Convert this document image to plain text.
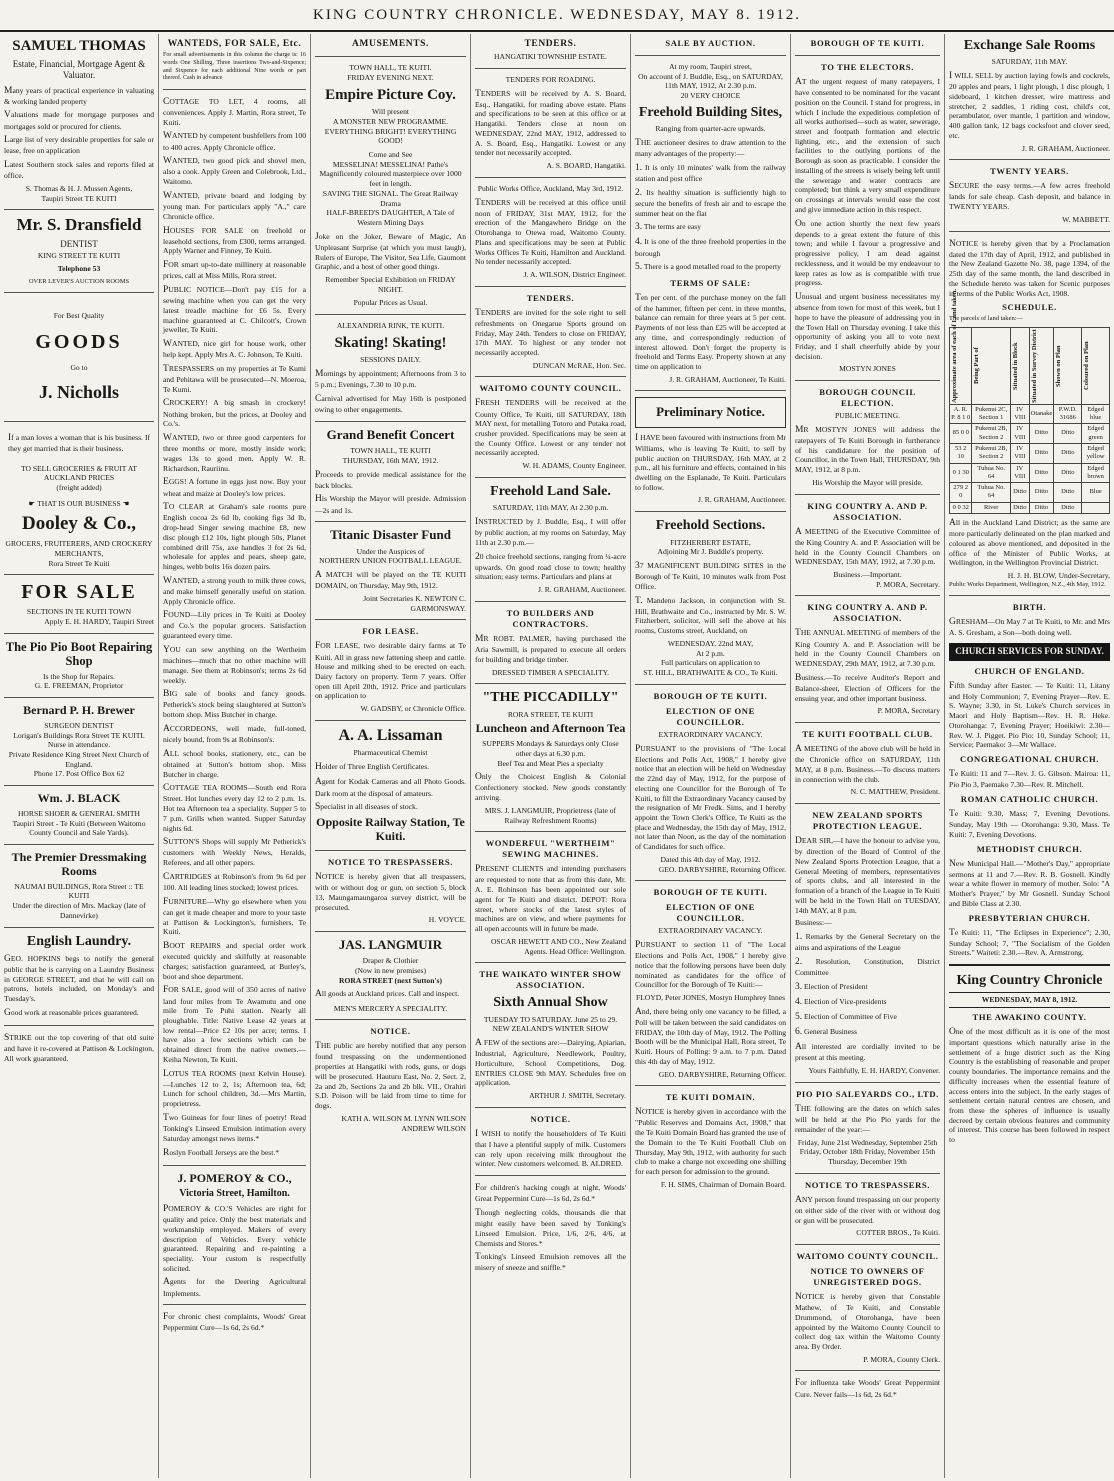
KING COUNTRY CHRONICLE. WEDNESDAY, MAY 8. 1912.
SAMUEL THOMAS
Estate, Financial, Mortgage Agent & Valuator.

Many years of practical experience in valuating & working landed property

Valuations made for mortgage purposes and mortgages sold or procured for clients.

Large list of very desirable properties for sale or lease, free on application

Latest Southern stock sales and reports filed at office.

S. Thomas & H. J. Mussen Agents,
Taupiri Street TE KUITI
Mr. S. Dransfield
DENTIST
KING STREET TE KUITI
Telephone 53
OVER LEVER'S AUCTION ROOMS
For Best Quality
GOODS
Go to
J. Nicholls

If a man loves a woman that is his business. If they get married that is their business.

TO SELL GROCERIES & FRUIT AT AUCKLAND PRICES
(freight added)
☛ THAT IS OUR BUSINESS ☚
Dooley & Co.,
GROCERS, FRUITERERS, AND CROCKERY MERCHANTS,
Rora Street Te Kuiti
FOR SALE
SECTIONS IN TE KUITI TOWN
Apply E. H. HARDY, Taupiri Street
The Pio Pio Boot Repairing Shop
Is the Shop for Repairs.
G. E. FREEMAN, Proprietor
Bernard P. H. Brewer
SURGEON DENTIST
Lorigan's Buildings Rora Street TE KUITI.
Nurse in attendance.
Private Residence King Street Next Church of England.
Phone 17. Post Office Box 62
Wm. J. BLACK
HORSE SHOER & GENERAL SMITH
Taupiri Street - Te Kuiti (Between Waitomo County Council and Sale Yards).
The Premier Dressmaking Rooms
NAUMAI BUILDINGS, Rora Street :: TE KUITI
Under the direction of Mrs. Mackay (late of Dannevirke)
English Laundry.

GEO. HOPKINS begs to notify the general public that he is carrying on a Laundry Business in GEORGE STREET, and that he will call on patrons, hotels included, on Monday's and Tuesday's.

Good work at reasonable prices guaranteed.

STRIKE out the top covering of that old suite and have it re-covered at Pattison & Lockington, All work guaranteed.

WANTEDS, FOR SALE, Etc.
For small advertisements in this column the charge is: 16 words One Shilling, Three insertions Two-and-Sixpence; and Sixpence for each additional Nine words or part thereof. Cash in advance

COTTAGE TO LET, 4 rooms, all conveniences. Apply J. Martin, Rora street, Te Kuiti.

WANTED by competent bushfellers from 100 to 400 acres. Apply Chronicle office.

WANTED, two good pick and shovel men, also a cook. Apply Green and Colebrook, Ltd., Waitomo.

WANTED, private board and lodging by young man. For particulars apply "A.," care Chronicle office.

HOUSES FOR SALE on freehold or leasehold sections, from £300, terms arranged. Apply Warner and Finney, Te Kuiti.

FOR smart up-to-date millinery at reasonable prices, call at Miss Mills, Rora street.

PUBLIC NOTICE—Don't pay £15 for a sewing machine when you can get the very latest treadle machine for £6 5s. Every machine guaranteed at C. Chilcott's, Crown jeweller, Te Kuiti.

WANTED, nice girl for house work, other help kept. Apply Mrs A. C. Johnson, Te Kuiti.

TRESPASSERS on my properties at Te Kumi and Pehitawa will be prosecuted—N. Moeroa, Te Kumi.

CROCKERY! A big smash in crockery! Nothing broken, but the prices, at Dooley and Co.'s.

WANTED, two or three good carpenters for three months or more, mostly inside work; wages 13s to good men. Apply W. R. Richardson, Rauriinu.

EGGS! A fortune in eggs just now. Buy your wheat and maize at Dooley's low prices.

TO CLEAR at Graham's sale rooms pure English cocoa 2s 6d lb, cooking figs 3d lb, drop-head Singer sewing machine £8, new disc plough £12 10s, light plough 50s, Planet combined drill 75s, axe handles 3 for 2s 6d, wholesale for apples and pears, sheep gate, hinges, webb bolts 16s dozen pairs.

WANTED, a strong youth to milk three cows, and make himself generally useful on station. Apply Chronicle office.

FOUND—Lily prices in Te Kuiti at Dooley and Co.'s the popular grocers. Satisfaction guaranteed every time.

YOU can sew anything on the Wertheim machines—much that no other machine will manage. See them at Robinson's; terms 2s 6d weekly.

BIG sale of books and fancy goods. Petherick's stock being slaughtered at Sutton's bottom shop. Miss Butcher in charge.

ACCORDEONS, well made, full-toned, nicely bound, from 9s at Robinson's.

ALL school books, stationery, etc., can be obtained at Sutton's bottom shop. Miss Butcher in charge.

COTTAGE TEA ROOMS—South end Rora Street. Hot lunches every day 12 to 2 p.m. 1s. Hot tea Afternoon tea a speciality. Supper 5 to 7 p.m. Grills when wanted. Supper Saturday nights 6d.

SUTTON'S Shops will supply Mr Petherick's customers with Weekly News, Heralds, Referees, and all other papers.

CARTRIDGES at Robinson's from 9s 6d per 100. All leading lines stocked; lowest prices.

FURNITURE—Why go elsewhere when you can get it made cheaper and more to your taste at Pattison & Lockington's, furnishers, Te Kuiti.

BOOT REPAIRS and special order work executed quickly and skilfully at reasonable charges; satisfaction guaranteed, at Burley's, boot and shoe department.

FOR SALE, good will of 350 acres of native land four miles from Te Awamutu and one mile from Te Puhi station. Nearly all ploughable. Title: Native Lease 42 years at low rental—Price £2 10s per acre; terms. I have also a few sections which can be obtained direct from the native owners.—Keiha Newton, Te Kuiti.

LOTUS TEA ROOMS (next Kelvin House).—Lunches 12 to 2, 1s; Afternoon tea, 6d; Lunch for school children, 3d.—Mrs Martin, proprietress.

Two Guineas for four lines of poetry! Read Tonking's Linseed Emulsion intimation every Saturday amongst news items.*

Roslyn Football Jerseys are the best.*

J. POMEROY & CO.,
Victoria Street, Hamilton.

POMEROY & CO.'S Vehicles are right for quality and price. Only the best materials and workmanship employed. Makers of every description of Vehicles. Every vehicle guaranteed. Repairing and re-painting a speciality. Your custom is respectfully solicited.

Agents for the Deering Agricultural Implements.

For chronic chest complaints, Woods' Great Peppermint Cure—1s 6d, 2s 6d.*

AMUSEMENTS.
TOWN HALL, TE KUITI.
FRIDAY EVENING NEXT.
Empire Picture Coy.
Will present
A MONSTER NEW PROGRAMME.
EVERYTHING BRIGHT! EVERYTHING GOOD!
Come and See
MESSELINA! MESSELINA! Pathe's Magnificently coloured masterpiece over 1000 feet in length.
SAVING THE SIGNAL. The Great Railway Drama
HALF-BREED'S DAUGHTER, A Tale of Western Mining Days

Joke on the Joker, Beware of Magic, An Unpleasant Surprise (at which you must laugh), Rulers of Europe, The Visitor, Sea Life, Gaumont Graphic, and a host of other good things.

Remember Special Exhibition on FRIDAY NIGHT.
Popular Prices as Usual.
ALEXANDRIA RINK, TE KUITI.
Skating! Skating!
SESSIONS DAILY.

Mornings by appointment; Afternoons from 3 to 5 p.m.; Evenings, 7.30 to 10 p.m.

Carnival advertised for May 16th is postponed owing to other engagements.

Grand Benefit Concert
TOWN HALL, TE KUITI
THURSDAY, 16th MAY, 1912.

Proceeds to provide medical assistance for the back blocks.

His Worship the Mayor will preside. Admission—2s and 1s.

Titanic Disaster Fund
Under the Auspices of
NORTHERN UNION FOOTBALL LEAGUE.

A MATCH will be played on the TE KUITI DOMAIN, on Thursday, May 9th, 1912.

Joint Secretaries K. NEWTON C. GARMONSWAY.
FOR LEASE.

FOR LEASE, two desirable dairy farms at Te Kuiti. All in grass new fattening sheep and cattle. House and milking shed to be erected on each. Dairy factory on property. Term 7 years. Offer open till April 20th, 1912. Price and particulars on application to

W. GADSBY, or Chronicle Office.
A. A. Lissaman
Pharmaceutical Chemist

Holder of Three English Certificates.

Agent for Kodak Cameras and all Photo Goods. Dark room at the disposal of amateurs.

Specialist in all diseases of stock.

Opposite Railway Station, Te Kuiti.
NOTICE TO TRESPASSERS.

NOTICE is hereby given that all trespassers, with or without dog or gun, on section 5, block 13, Maungamaungaroa survey district, will be prosecuted.

H. VOYCE.
JAS. LANGMUIR
Draper & Clothier
(Now in new premises)
RORA STREET (next Sutton's)

All goods at Auckland prices. Call and inspect.

MEN'S MERCERY A SPECIALITY.
NOTICE.

THE public are hereby notified that any person found trespassing on the undermentioned properties at Hangatiki with rods, guns, or dogs will be prosecuted. Hauturu East, No. 2, Sect. 2, 2a and 2b, Sections 2a and 2b blk. VII., Orahiri S.D. Poison will be laid from time to time for dogs.

KATH A. WILSON M. LYNN WILSON ANDREW WILSON
TENDERS.
HANGATIKI TOWNSHIP ESTATE.
TENDERS FOR ROADING.

TENDERS will be received by A. S. Board, Esq., Hangatiki, for roading above estate. Plans and specifications to be seen at this office or at Hangatiki. Tenders close at noon on WEDNESDAY, 22nd MAY, 1912, addressed to A. S. Board, Esq., Hangatiki. Lowest or any tender not necessarily accepted.

A. S. BOARD, Hangatiki.
Public Works Office, Auckland, May 3rd, 1912.

TENDERS will be received at this office until noon of FRIDAY, 31st MAY, 1912, for the erection of the Mangawhero Bridge on the Otorohanga to Otewa road, Waitomo County. Plans and specifications may be seen at Public Works Offices Te Kuiti, Hamilton and Auckland. No tender necessarily accepted.

J. A. WILSON, District Engineer.
TENDERS.

TENDERS are invited for the sole right to sell refreshments on Onegarue Sports ground on Friday, May 24th. Tenders to close on FRIDAY, 17th MAY. To highest or any tender not necessarily accepted.

DUNCAN McRAE, Hon. Sec.
WAITOMO COUNTY COUNCIL.

FRESH TENDERS will be received at the County Office, Te Kuiti, till SATURDAY, 18th MAY next, for metalling Totoro and Putaka road, crusher provided. Specifications may be seen at the County Office. Lowest or any tender not necessarily accepted.

W. H. ADAMS, County Engineer.
Freehold Land Sale.
SATURDAY, 11th MAY, At 2.30 p.m.

INSTRUCTED by J. Buddle, Esq., I will offer by public auction, at my rooms on Saturday, May 11th at 2.30 p.m.—

20 choice freehold sections, ranging from ¼-acre upwards. On good road close to town; healthy situation; easy terms. Particulars and plans at

J. R. GRAHAM, Auctioneer.
TO BUILDERS AND CONTRACTORS.

MR ROBT. PALMER, having purchased the Aria Sawmill, is prepared to execute all orders for building and bridge timber.

DRESSED TIMBER A SPECIALITY.
"THE PICCADILLY"
RORA STREET, TE KUITI
Luncheon and Afternoon Tea
SUPPERS Mondays & Saturdays only Close other days at 6.30 p.m.
Beef Tea and Meat Pies a specialty

Only the Choicest English & Colonial Confectionery stocked. New goods constantly arriving.

MRS. J. LANGMUIR, Proprietress (late of Railway Refreshment Rooms)
WONDERFUL "WERTHEIM" SEWING MACHINES.

PRESENT CLIENTS and intending purchasers are requested to note that as from this date, Mr. A. E. Robinson has been appointed our sole agent for Te Kuiti and district. DEPOT: Rora street, where stocks of the latest styles of machines are on view, and where payments for all open accounts will in future be made.

OSCAR HEWETT AND CO., New Zealand Agents. Head Office: Wellington.
THE WAIKATO WINTER SHOW ASSOCIATION.
Sixth Annual Show
TUESDAY TO SATURDAY. June 25 to 29.
NEW ZEALAND'S WINTER SHOW

A FEW of the sections are:—Dairying, Apiarian, Industrial, Agriculture, Needlework, Poultry, Horticulture, School Competitions, Dog. ENTRIES CLOSE 9th MAY. Schedules free on application.

ARTHUR J. SMITH, Secretary.
NOTICE.

I WISH to notify the householders of Te Kuiti that I have a plentiful supply of milk. Customers can rely upon receiving milk throughout the winter. New customers welcomed. B. ALDRED.

For children's hacking cough at night, Woods' Great Peppermint Cure—1s 6d, 2s 6d.*

Though neglecting colds, thousands die that might easily have been saved by Tonking's Linseed Emulsion. Price, 1/6, 2/6, 4/6, at Chemists and Stores.*

Tonking's Linseed Emulsion removes all the misery of sneeze and sniffle.*

SALE BY AUCTION.
At my room, Taupiri street,
On account of J. Buddle, Esq., on SATURDAY, 11th MAY, 1912, At 2.30 p.m.
20 VERY CHOICE
Freehold Building Sites,
Ranging from quarter-acre upwards.

THE auctioneer desires to draw attention to the many advantages of the property:—

1. It is only 10 minutes' walk from the railway station and post office

2. Its healthy situation is sufficiently high to secure the benefits of fresh air and to escape the summer heat on the flat

3. The terms are easy

4. It is one of the three freehold properties in the borough

5. There is a good metalled road to the property

TERMS OF SALE:

Ten per cent. of the purchase money on the fall of the hammer, fifteen per cent. in three months, balance can remain for three years at 5 per cent. Payments of not less than £25 will be accepted at any time, and correspondingly reduction of interest allowed. Don't forget the property is freehold and Terms Easy. Property shown at any time on application to

J. R. GRAHAM, Auctioneer, Te Kuiti.
Preliminary Notice.

I HAVE been favoured with instructions from Mr Williams, who is leaving Te Kuiti, to sell by public auction on THURSDAY, 16th MAY, at 2 p.m., all his furniture and effects, contained in his dwelling on the Esplanade, Te Kuiti. Particulars to follow.

J. R. GRAHAM, Auctioneer.
Freehold Sections.
FITZHERBERT ESTATE,
Adjoining Mr J. Buddle's property.

37 MAGNIFICENT BUILDING SITES in the Borough of Te Kuiti, 10 minutes walk from Post Office.

T. Mandeno Jackson, in conjunction with St. Hill, Brathwaite and Co., instructed by Mr. S. W. Fitzherbert, solicitor, will sell the above at his rooms, Customs street, Auckland, on

WEDNESDAY, 22nd MAY,
At 2 p.m.
Full particulars on application to
ST. HILL, BRATHWAITE & CO., Te Kuiti.
BOROUGH OF TE KUITI.
ELECTION OF ONE COUNCILLOR.
EXTRAORDINARY VACANCY.

PURSUANT to the provisions of "The Local Elections and Polls Act, 1908," I hereby give notice that an election will be held on Wednesday the 22nd day of May, 1912, for the purpose of electing one Councillor for the Borough of Te Kuiti, to fill the Extraordinary Vacancy caused by the resignation of Mr Fredk. Sims, and I hereby appoint the Town Clerk's Office, Te Kuiti as the place and Wednesday, the 15th day of May, 1912, not later than Noon, as the day of the nomination of Candidates for such office.

Dated this 4th day of May, 1912.
GEO. DARBYSHIRE, Returning Officer.
BOROUGH OF TE KUITI.
ELECTION OF ONE COUNCILLOR.
EXTRAORDINARY VACANCY.

PURSUANT to section 11 of "The Local Elections and Polls Act, 1908," I hereby give notice that the following persons have been duly nominated as candidates for the office of Councillor for the Borough of Te Kuiti:—

FLOYD, Peter JONES, Mostyn Humphrey Innes

And, there being only one vacancy to be filled, a Poll will be taken between the said candidates on FRIDAY, the 10th day of May, 1912. The Polling Booth will be the Municipal Hall, Rora street, Te Kuiti. Hours of Polling: 9 a.m. to 7 p.m. Dated this 4th day of May, 1912.

GEO. DARBYSHIRE, Returning Officer.
TE KUITI DOMAIN.

NOTICE is hereby given in accordance with the "Public Reserves and Domains Act, 1908," that the Te Kuiti Domain Board has granted the use of the Domain to the Te Kuiti Football Club on Thursday, May 9th, 1912, with authority for such club to make a charge not exceeding one shilling for each person for admission to the ground.

F. H. SIMS, Chairman of Domain Board.
BOROUGH OF TE KUITI.
TO THE ELECTORS.

AT the urgent request of many ratepayers, I have consented to be nominated for the vacant position on the Council. I stand for progress, in which I include the expeditious completion of all works authorised—such as water, sewerage, street and footpath formation and electric lighting, etc., and the extension of such facilities to the outlying portions of the Borough as soon as practicable. I consider the installing of the streets is wisely being left until the sewerage and water contracts are completed; but think a very small expenditure on crossings at intervals would ease the cost and give immediate action in this respect.

On one action shortly the next few years depends to a great extent the future of this town; and while I favour a progressive and progressive policy, I am dead against recklessness, and it would be my endeavour to keep rates as low as is compatible with true progress.

Unusual and urgent business necessitates my absence from town for most of this week, but I hope to have the pleasure of addressing you in the Town Hall on Thursday evening. I take this opportunity of asking you all to vote next Friday, and I shall cheerfully abide by your decision.

MOSTYN JONES
BOROUGH COUNCIL ELECTION.
PUBLIC MEETING.

MR MOSTYN JONES will address the ratepayers of Te Kuiti Borough in furtherance of his candidature for the position of Councillor, in the Town Hall, THURSDAY, 9th MAY, 1912, at 8 p.m.

His Worship the Mayor will preside.
KING COUNTRY A. AND P. ASSOCIATION.

A MEETING of the Executive Committee of the King Country A. and P. Association will be held in the County Council Chambers on WEDNESDAY, 15th MAY, 1912, at 7.30 p.m.

Business.—Important.
P. MORA, Secretary.
KING COUNTRY A. AND P. ASSOCIATION.

THE ANNUAL MEETING of members of the King Country A. and P. Association will be held in the County Council Chambers on WEDNESDAY, 29th MAY, 1912, at 7.30 p.m.

Business.—To receive Auditor's Report and Balance-sheet, Election of Officers for the ensuing year, and other important business.

P. MORA, Secretary
TE KUITI FOOTBALL CLUB.

A MEETING of the above club will be held in the Chronicle office on SATURDAY, 11th MAY, at 8 p.m. Business.—To discuss matters in connection with the club.

N. C. MATTHEW, President.
NEW ZEALAND SPORTS PROTECTION LEAGUE.

DEAR SIR,—I have the honour to advise you, by direction of the Board of Control of the New Zealand Sports Protection League, that a General Meeting of members, representatives of sports clubs, and all interested in the formation of a branch of the League in Te Kuiti will be held in the Town Hall on TUESDAY, 14th MAY, at 8 p.m.

Business:—

1. Remarks by the General Secretary on the aims and aspirations of the League

2. Resolution, Constitution, District Committee

3. Election of President

4. Election of Vice-presidents

5. Election of Committee of Five

6. General Business

All interested are cordially invited to be present at this meeting.

Yours Faithfully, E. H. HARDY, Convener.
PIO PIO SALEYARDS CO., LTD.

THE following are the dates on which sales will be held at the Pio Pio yards for the remainder of the year:—

Friday, June 21st Wednesday, September 25th Friday, October 18th Friday, November 15th Thursday, December 19th
NOTICE TO TRESPASSERS.

ANY person found trespassing on our property on either side of the river with or without dog or gun will be prosecuted.

COTTER BROS., Te Kuiti.
WAITOMO COUNTY COUNCIL.
NOTICE TO OWNERS OF UNREGISTERED DOGS.

NOTICE is hereby given that Constable Mathew, of Te Kuiti, and Constable Drummond, of Otorohanga, have been appointed by the Waitomo County Council to collect dog tax within the Waitomo County area. By Order.

P. MORA, County Clerk.

For influenza take Woods' Great Peppermint Cure. Never fails—1s 6d, 2s 6d.*

Exchange Sale Rooms
SATURDAY, 11th MAY.

I WILL SELL by auction laying fowls and cockrels, 20 apples and pears, 1 light plough, 1 disc plough, 1 sideboard, 1 kitchen dresser, wire mattress and stretcher, 2 saddles, 1 riding cost, child's cot, perambulator, over mantle, 1 partition and window, 400 gallon tank, 12 bags cocksfoot and clover seed, etc.

J. R. GRAHAM, Auctioneer.
TWENTY YEARS.

SECURE the easy terms.—A few acres freehold lands for sale cheap. Cash deposit, and balance in TWENTY YEARS.

W. MABBETT.

NOTICE is hereby given that by a Proclamation dated the 17th day of April, 1912, and published in the New Zealand Gazette No. 38, page 1394, of the 25th day of the same month, the land described in the Schedule hereto was taken for Scenic purposes in terms of the Public Works Act, 1908.

SCHEDULE.
The parcels of land taken:—
Approximate area of each of Land taken.	Being Part of	Situated in Block	Situated in Survey District	Shown on Plan	Coloured on Plan

A. R. P. 8 1 0	Pukenui 2C, Section 1	IV VIII	Otanake	P.W.D. 31686	Edged blue
85 0 0	Pukenui 2B, Section 2	IV VIII	Ditto	Ditto	Edged green
53 2 10	Pukenui 2B, Section 2	IV VIII	Ditto	Ditto	Edged yellow
0 1 30	Tuhua No. 64	IV VIII	Ditto	Ditto	Edged brown
279 2 0	Tuhua No. 64	Ditto	Ditto	Ditto	Blue
0 0 32	River	Ditto	Ditto	Ditto	

All in the Auckland Land District; as the same are more particularly delineated on the plan marked and coloured as above mentioned, and deposited in the office of the Minister of Public Works, at Wellington, in the Wellington Provincial District.

H. J. H. BLOW, Under-Secretary,
Public Works Department, Wellington, N.Z., 4th May, 1912.
BIRTH.

GRESHAM—On May 7 at Te Kuiti, to Mr. and Mrs A. S. Gresham, a Son—both doing well.

CHURCH SERVICES FOR SUNDAY.
CHURCH OF ENGLAND.

Fifth Sunday after Easter. — Te Kuiti: 11, Litany and Holy Communion; 7, Evening Prayer—Rev. E. S. Wayne; 3.30, in St. Luke's Church services in Maori and Holy Baptism—Rev. H. R. Heke. Otorohanga: 7, Evening Prayer; Hoeikiwi: 2.30—Rev. W. J. Pigget. Pio Pio: 10, Sunday School; 11, Service; Paemako: 3—Mr Wallace.

CONGREGATIONAL CHURCH.

Te Kuiti: 11 and 7—Rev. J. G. Gibson. Mairoa: 11, Pio Pio 3, Paemako 7.30—Rev. R. Mitchell.

ROMAN CATHOLIC CHURCH.

Te Kuiti: 9.30, Mass; 7, Evening Devotions. Sunday, May 19th — Otorohanga: 9.30, Mass. Te Kuiti: 7, Evening Devotions.

METHODIST CHURCH.

New Municipal Hall.—"Mother's Day," appropriate sermons at 11 and 7.—Rev. R. B. Gosnell. Kindly wear a white flower in memory of mother. Solo: "A Mother's Prayer," by Mr Gosnell. Sunday School and Bible Class at 2.30.

PRESBYTERIAN CHURCH.

Te Kuiti: 11, "The Eclipses in Experience"; 2.30, Sunday School; 7, "The Socialism of the Golden Streets." Waiteti: 2.30.—Rev. A. Armstrong.

King Country Chronicle
WEDNESDAY, MAY 8, 1912.
THE AWAKINO COUNTY.

One of the most difficult as it is one of the most important questions which naturally arise in the settlement of a huge district such as the King Country is the establishing of reasonable and proper county boundaries. The importance remains and the difficulty increases when the essential feature of access enters into the subject. In the early stages of settlement certain natural centres are chosen, and from these the spheres of influence is usually decreed by certain obvious features and community of interest. This course has been followed in respect to
